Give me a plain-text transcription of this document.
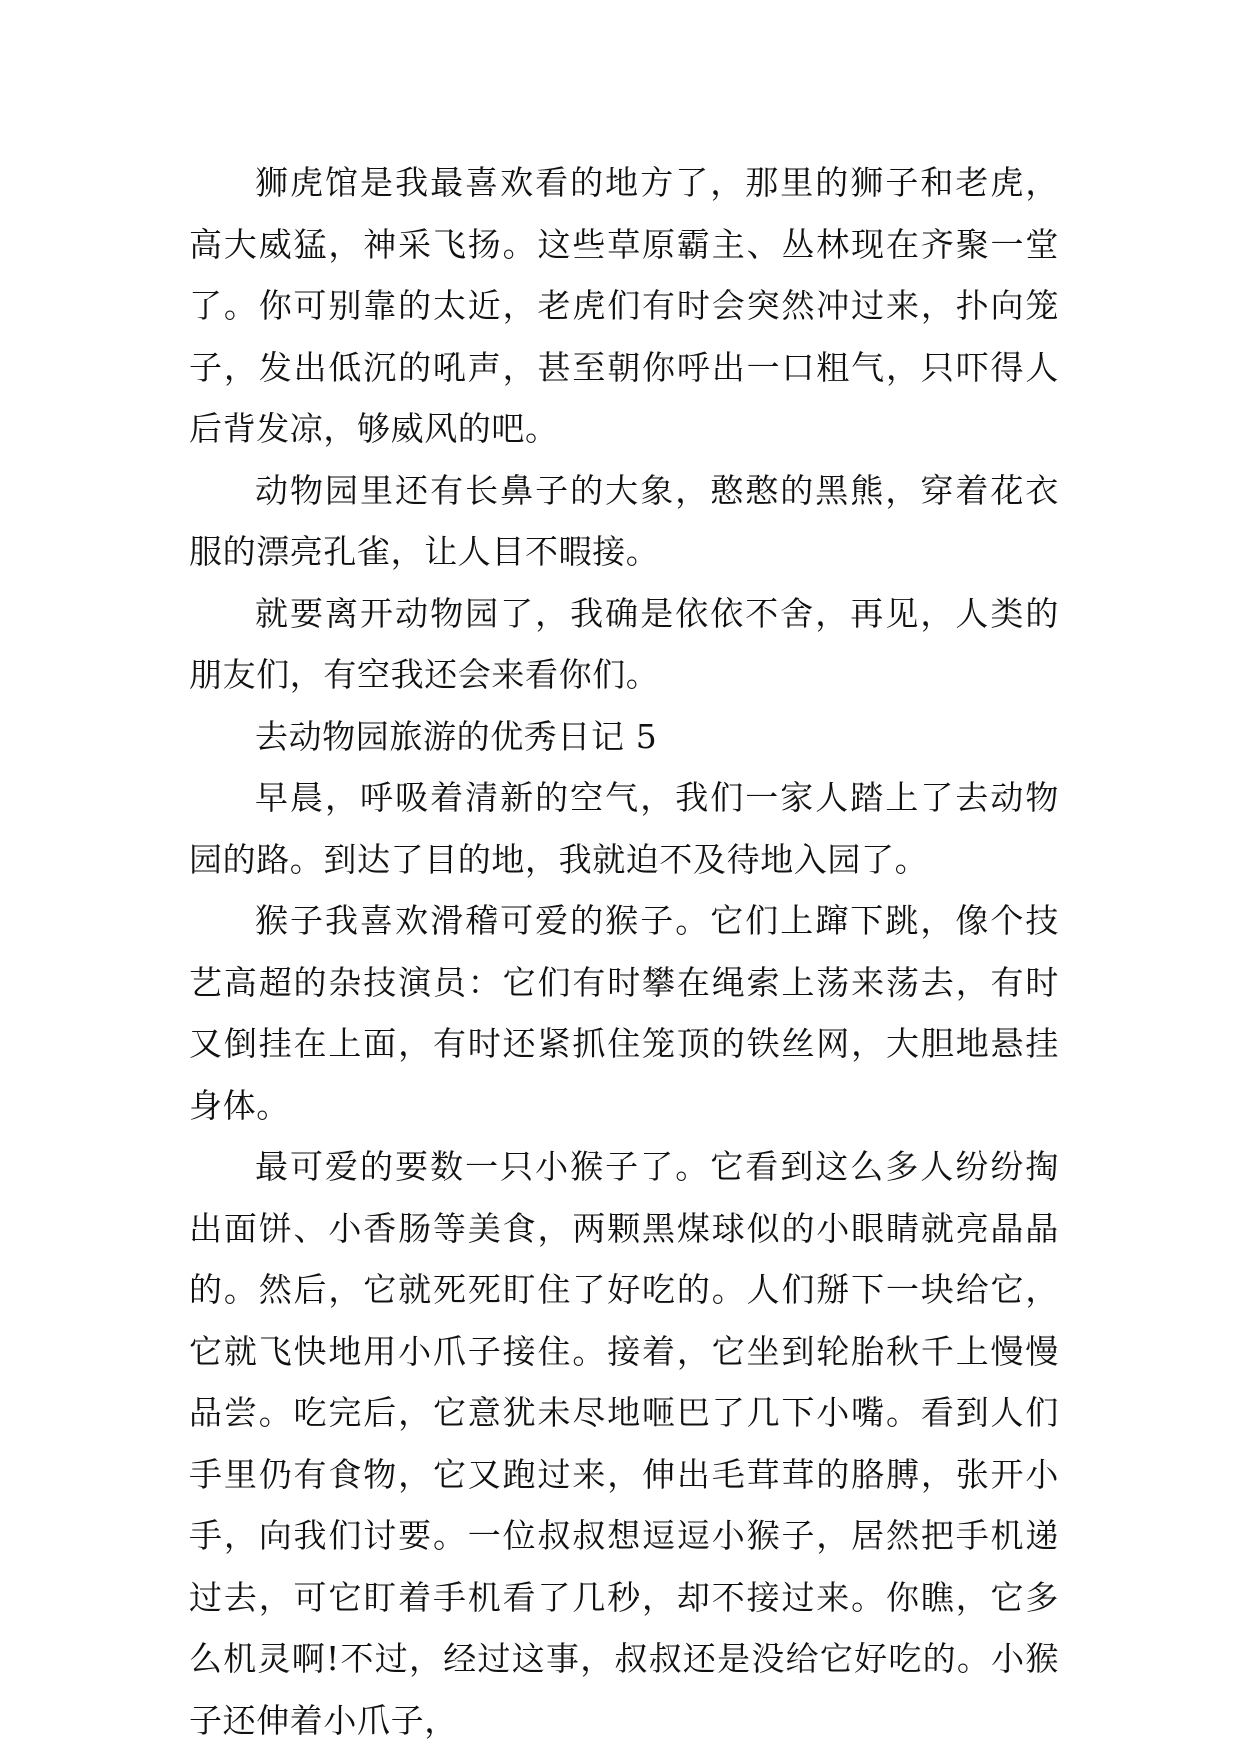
狮虎馆是我最喜欢看的地方了，那里的狮子和老虎，高大威猛，神采飞扬。这些草原霸主、丛林现在齐聚一堂了。你可别靠的太近，老虎们有时会突然冲过来，扑向笼子，发出低沉的吼声，甚至朝你呼出一口粗气，只吓得人后背发凉，够威风的吧。

动物园里还有长鼻子的大象，憨憨的黑熊，穿着花衣服的漂亮孔雀，让人目不暇接。

就要离开动物园了，我确是依依不舍，再见，人类的朋友们，有空我还会来看你们。

去动物园旅游的优秀日记 5

早晨，呼吸着清新的空气，我们一家人踏上了去动物园的路。到达了目的地，我就迫不及待地入园了。

猴子我喜欢滑稽可爱的猴子。它们上蹿下跳，像个技艺高超的杂技演员：它们有时攀在绳索上荡来荡去，有时又倒挂在上面，有时还紧抓住笼顶的铁丝网，大胆地悬挂身体。

最可爱的要数一只小猴子了。它看到这么多人纷纷掏出面饼、小香肠等美食，两颗黑煤球似的小眼睛就亮晶晶的。然后，它就死死盯住了好吃的。人们掰下一块给它，它就飞快地用小爪子接住。接着，它坐到轮胎秋千上慢慢品尝。吃完后，它意犹未尽地咂巴了几下小嘴。看到人们手里仍有食物，它又跑过来，伸出毛茸茸的胳膊，张开小手，向我们讨要。一位叔叔想逗逗小猴子，居然把手机递过去，可它盯着手机看了几秒，却不接过来。你瞧，它多么机灵啊!不过，经过这事，叔叔还是没给它好吃的。小猴子还伸着小爪子，
